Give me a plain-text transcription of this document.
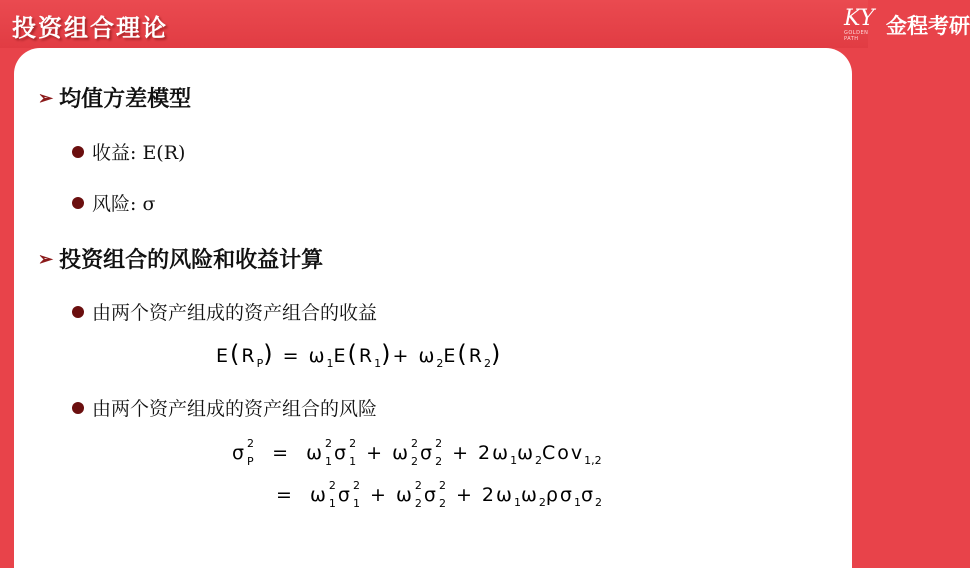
投资组合理论	KY
GOLDEN PATH
金程考研
➢ 均值方差模型
收益: E(R)
风险: σ
➢ 投资组合的风险和收益计算
由两个资产组成的资产组合的收益
$E(R_P) = \omega_1E(R_1)+ \omega_2E(R_2)$
由两个资产组成的资产组合的风险
σ 2
P =  ω 2
1 σ 2
1 + ω 2
2 σ 2
$2 + 2\omega_1\omega_2Cov_{1,2}$
=  ω 2
1 σ 2
1 + ω 2
2 σ 2
$2 + 2\omega_1\omega_2\rho\sigma_1\sigma_2$
